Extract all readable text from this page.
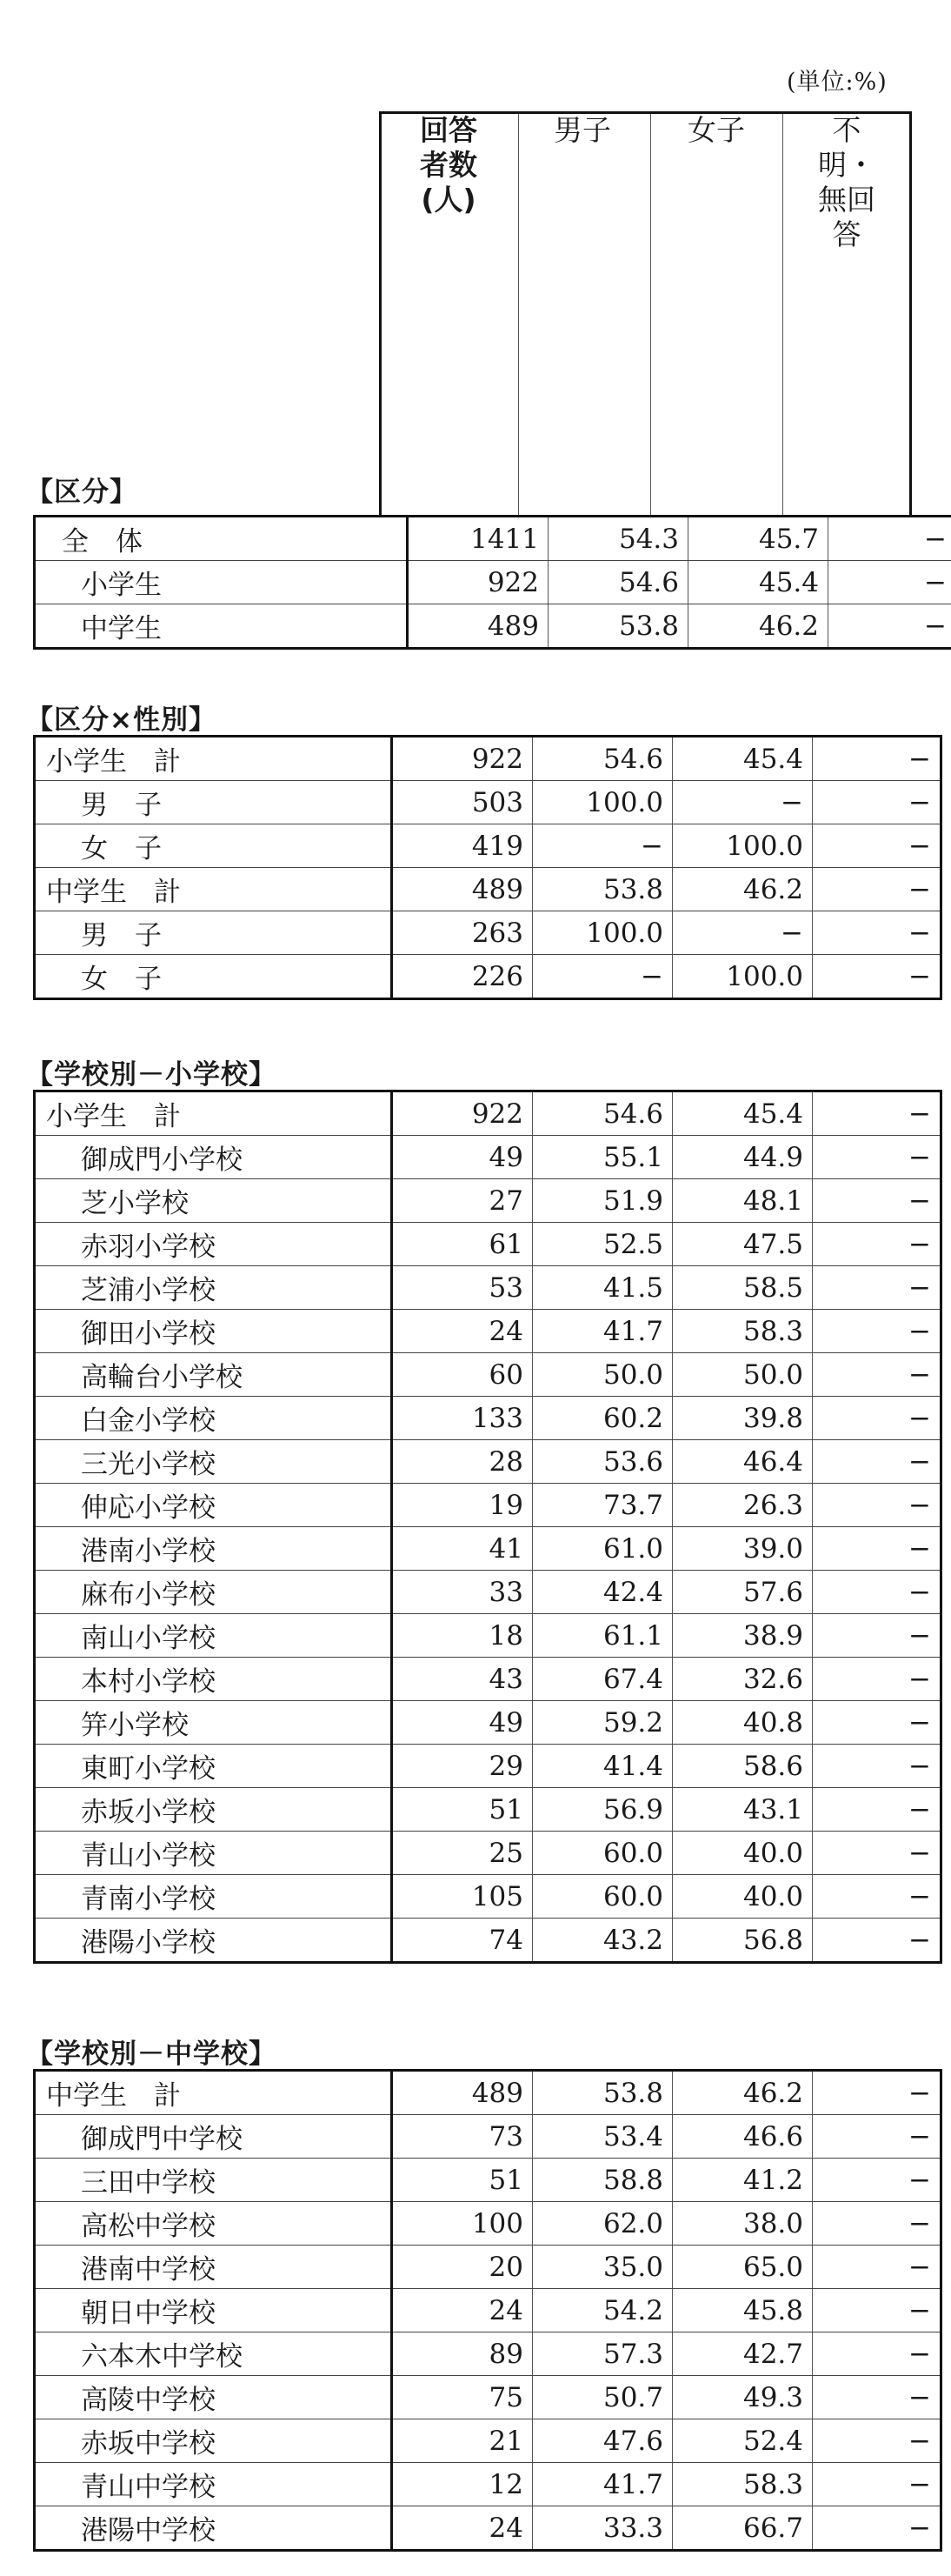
(単位:%)
回答者数(人)
男子	女子	不明・無回答
【区分】
【区分×性別】
【学校別－小学校】
【学校別－中学校】
全　体	1411	54.3	45.7	−
小学生	922	54.6	45.4	−
中学生	489	53.8	46.2	−
小学生　計	922	54.6	45.4	−
男　子	503	100.0	−	−
女　子	419	−	100.0	−
中学生　計	489	53.8	46.2	−
男　子	263	100.0	−	−
女　子	226	−	100.0	−
小学生　計	922	54.6	45.4	−
御成門小学校	49	55.1	44.9	−
芝小学校	27	51.9	48.1	−
赤羽小学校	61	52.5	47.5	−
芝浦小学校	53	41.5	58.5	−
御田小学校	24	41.7	58.3	−
高輪台小学校	60	50.0	50.0	−
白金小学校	133	60.2	39.8	−
三光小学校	28	53.6	46.4	−
伸応小学校	19	73.7	26.3	−
港南小学校	41	61.0	39.0	−
麻布小学校	33	42.4	57.6	−
南山小学校	18	61.1	38.9	−
本村小学校	43	67.4	32.6	−
笄小学校	49	59.2	40.8	−
東町小学校	29	41.4	58.6	−
赤坂小学校	51	56.9	43.1	−
青山小学校	25	60.0	40.0	−
青南小学校	105	60.0	40.0	−
港陽小学校	74	43.2	56.8	−
中学生　計	489	53.8	46.2	−
御成門中学校	73	53.4	46.6	−
三田中学校	51	58.8	41.2	−
高松中学校	100	62.0	38.0	−
港南中学校	20	35.0	65.0	−
朝日中学校	24	54.2	45.8	−
六本木中学校	89	57.3	42.7	−
高陵中学校	75	50.7	49.3	−
赤坂中学校	21	47.6	52.4	−
青山中学校	12	41.7	58.3	−
港陽中学校	24	33.3	66.7	−
